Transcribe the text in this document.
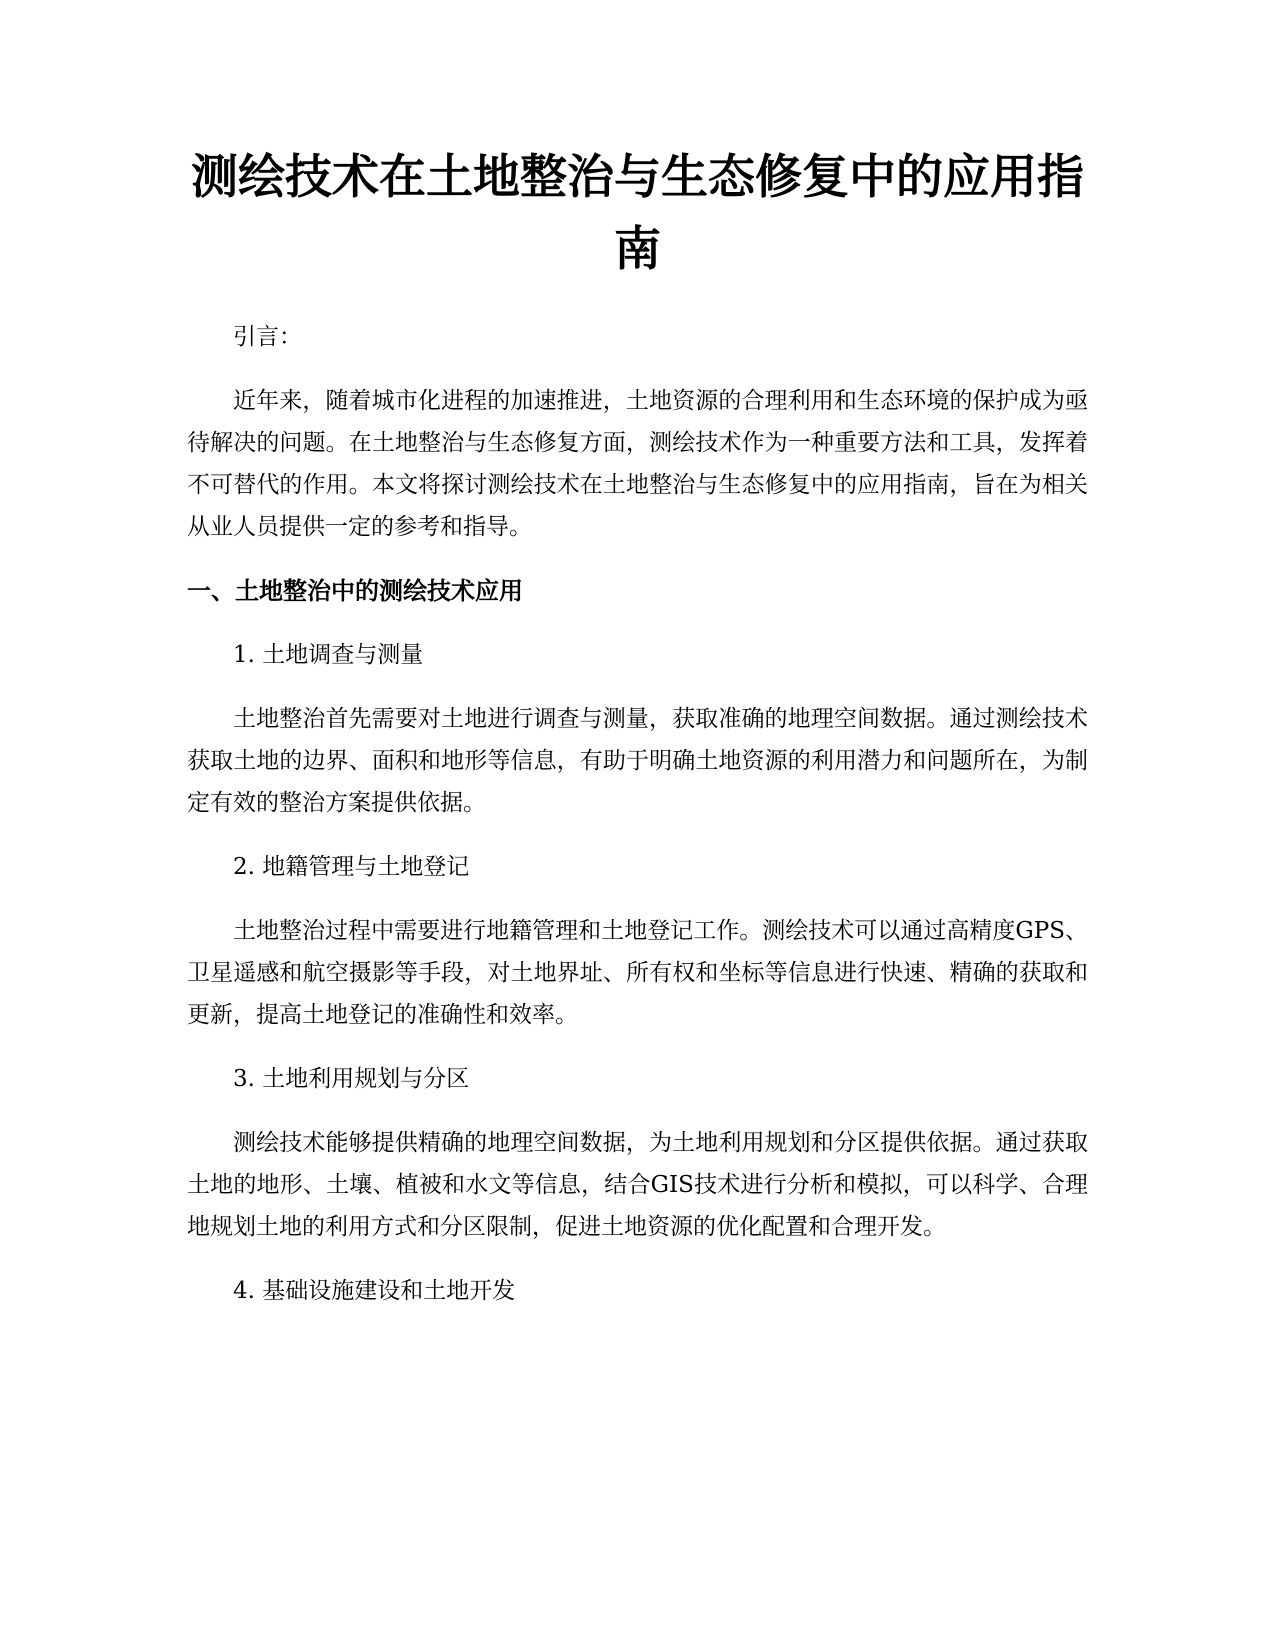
测绘技术在土地整治与生态修复中的应用指南

引言：

近年来，随着城市化进程的加速推进，土地资源的合理利用和生态环境的保护成为亟待解决的问题。在土地整治与生态修复方面，测绘技术作为一种重要方法和工具，发挥着不可替代的作用。本文将探讨测绘技术在土地整治与生态修复中的应用指南，旨在为相关从业人员提供一定的参考和指导。

一、土地整治中的测绘技术应用

1. 土地调查与测量

土地整治首先需要对土地进行调查与测量，获取准确的地理空间数据。通过测绘技术获取土地的边界、面积和地形等信息，有助于明确土地资源的利用潜力和问题所在，为制定有效的整治方案提供依据。

2. 地籍管理与土地登记

土地整治过程中需要进行地籍管理和土地登记工作。测绘技术可以通过高精度GPS、卫星遥感和航空摄影等手段，对土地界址、所有权和坐标等信息进行快速、精确的获取和更新，提高土地登记的准确性和效率。

3. 土地利用规划与分区

测绘技术能够提供精确的地理空间数据，为土地利用规划和分区提供依据。通过获取土地的地形、土壤、植被和水文等信息，结合GIS技术进行分析和模拟，可以科学、合理地规划土地的利用方式和分区限制，促进土地资源的优化配置和合理开发。

4. 基础设施建设和土地开发
